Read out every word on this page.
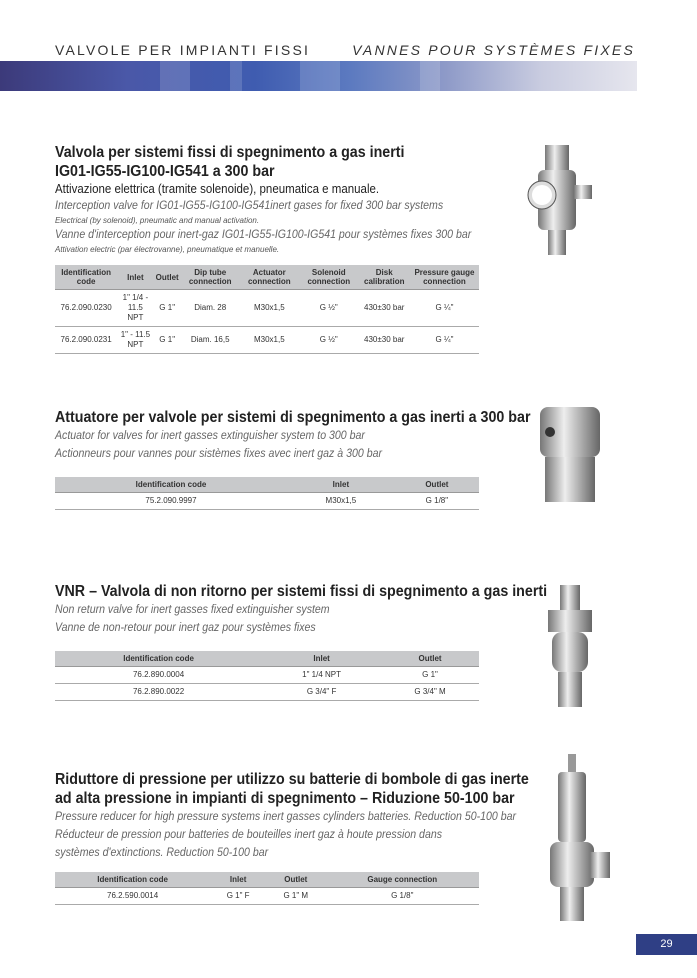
VALVOLE PER IMPIANTI FISSI	VANNES POUR SYSTÈMES FIXES
Valvola per sistemi fissi di spegnimento a gas inerti
IG01-IG55-IG100-IG541 a 300 bar
Attivazione elettrica (tramite solenoide), pneumatica e manuale.
Interception valve for IG01-IG55-IG100-IG541inert gases for fixed 300 bar systems
Electrical (by solenoid), pneumatic and manual activation.
Vanne d'interception pour inert-gaz IG01-IG55-IG100-IG541 pour systèmes fixes 300 bar
Attivation electric (par électrovanne), pneumatique et manuelle.
Identification code	Inlet	Outlet	Dip tube connection	Actuator connection	Solenoid connection	Disk calibration	Pressure gauge connection
76.2.090.0230	1" 1/4 - 11.5 NPT	G 1"	Diam. 28	M30x1,5	G ½"	430±30 bar	G ¼"
76.2.090.0231	1" - 11.5 NPT	G 1"	Diam. 16,5	M30x1,5	G ½"	430±30 bar	G ¼"
Attuatore per valvole per sistemi di spegnimento a gas inerti a 300 bar
Actuator for valves for inert gasses extinguisher system to 300 bar
Actionneurs pour vannes pour sistèmes fixes avec inert gaz à 300 bar
Identification code	Inlet	Outlet
75.2.090.9997	M30x1,5	G 1/8"
VNR – Valvola di non ritorno per sistemi fissi di spegnimento a gas inerti
Non return valve for inert gasses fixed extinguisher system
Vanne de non-retour pour inert gaz pour systèmes fixes
Identification code	Inlet	Outlet
76.2.890.0004	1" 1/4 NPT	G 1"
76.2.890.0022	G 3/4" F	G 3/4" M
Riduttore di pressione per utilizzo su batterie di bombole di gas inerte
ad alta pressione in impianti di spegnimento – Riduzione 50-100 bar
Pressure reducer for high pressure systems inert gasses cylinders batteries. Reduction 50-100 bar
Réducteur de pression pour batteries de bouteilles inert gaz à houte pression dans systèmes d'extinctions. Reduction 50-100 bar
Identification code	Inlet	Outlet	Gauge connection
76.2.590.0014	G 1" F	G 1" M	G 1/8"
29
